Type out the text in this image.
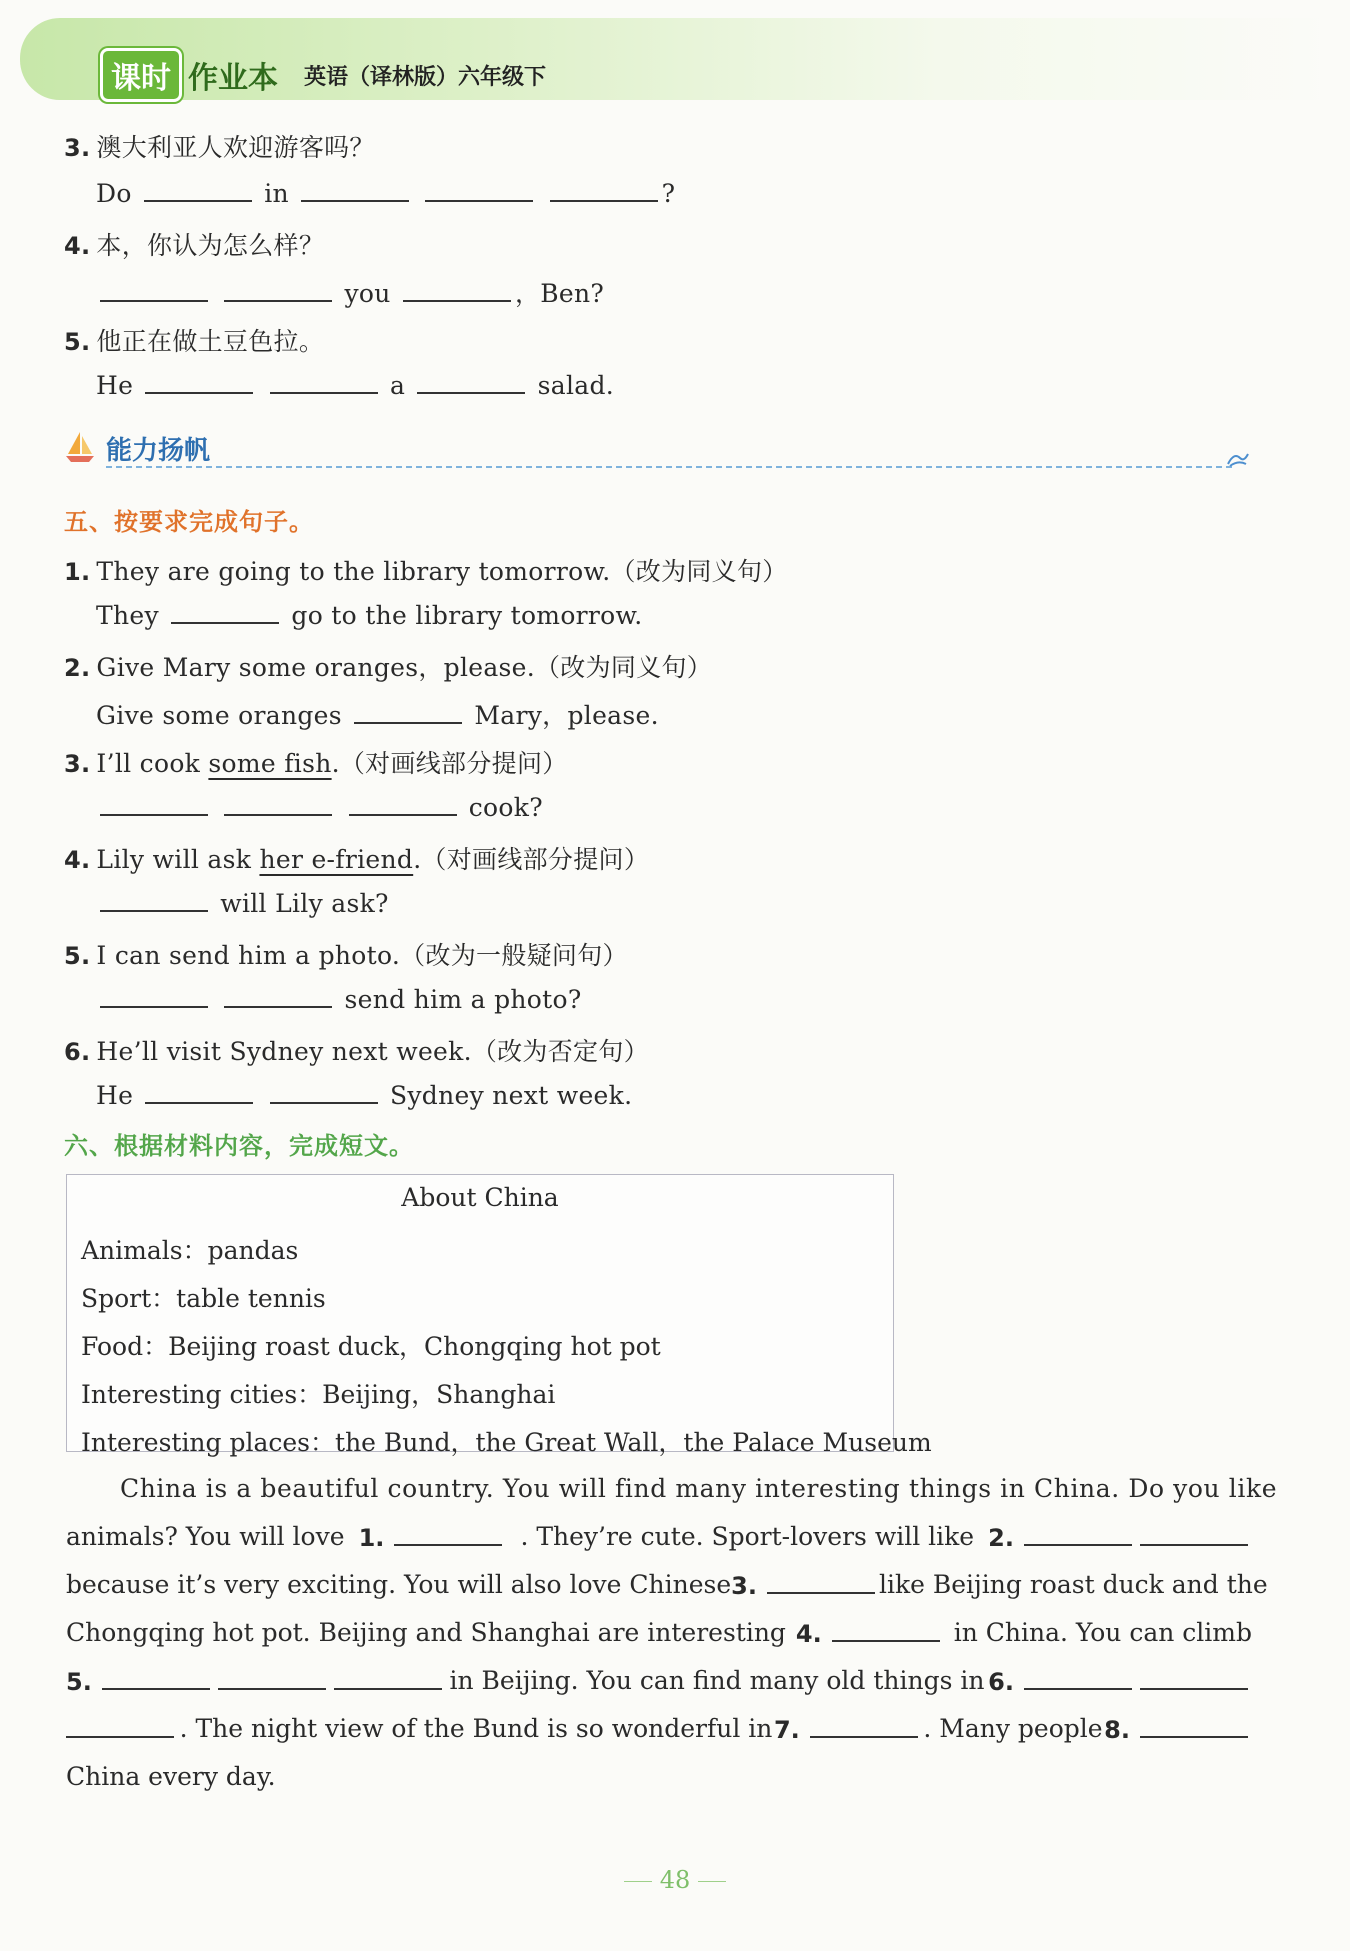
课时 作业本 英语（译林版）六年级下
3. 澳大利亚人欢迎游客吗？
Do	in	?
4. 本，你认为怎么样？
you	，Ben?
5. 他正在做土豆色拉。
He	a	salad.
能力扬帆
五、按要求完成句子。
1. They are going to the library tomorrow.（改为同义句）
They	go to the library tomorrow.
2. Give Mary some oranges，please.（改为同义句）
Give some oranges	Mary，please.
3. I’ll cook some fish.（对画线部分提问）
cook?
4. Lily will ask her e-friend.（对画线部分提问）
will Lily ask?
5. I can send him a photo.（改为一般疑问句）
send him a photo?
6. He’ll visit Sydney next week.（改为否定句）
He	Sydney next week.
六、根据材料内容，完成短文。
About China
Animals：pandas
Sport：table tennis
Food：Beijing roast duck，Chongqing hot pot
Interesting cities：Beijing，Shanghai
Interesting places：the Bund，the Great Wall，the Palace Museum
China is a beautiful country. You will find many interesting things in China. Do you like
animals? You will love 1.	. They’re cute. Sport-lovers will like 2.
because it’s very exciting. You will also love Chinese 3.	like Beijing roast duck and the
Chongqing hot pot. Beijing and Shanghai are interesting 4.	in China. You can climb
5.	in Beijing. You can find many old things in 6.
. The night view of the Bund is so wonderful in 7.	. Many people 8.
China every day.
48
